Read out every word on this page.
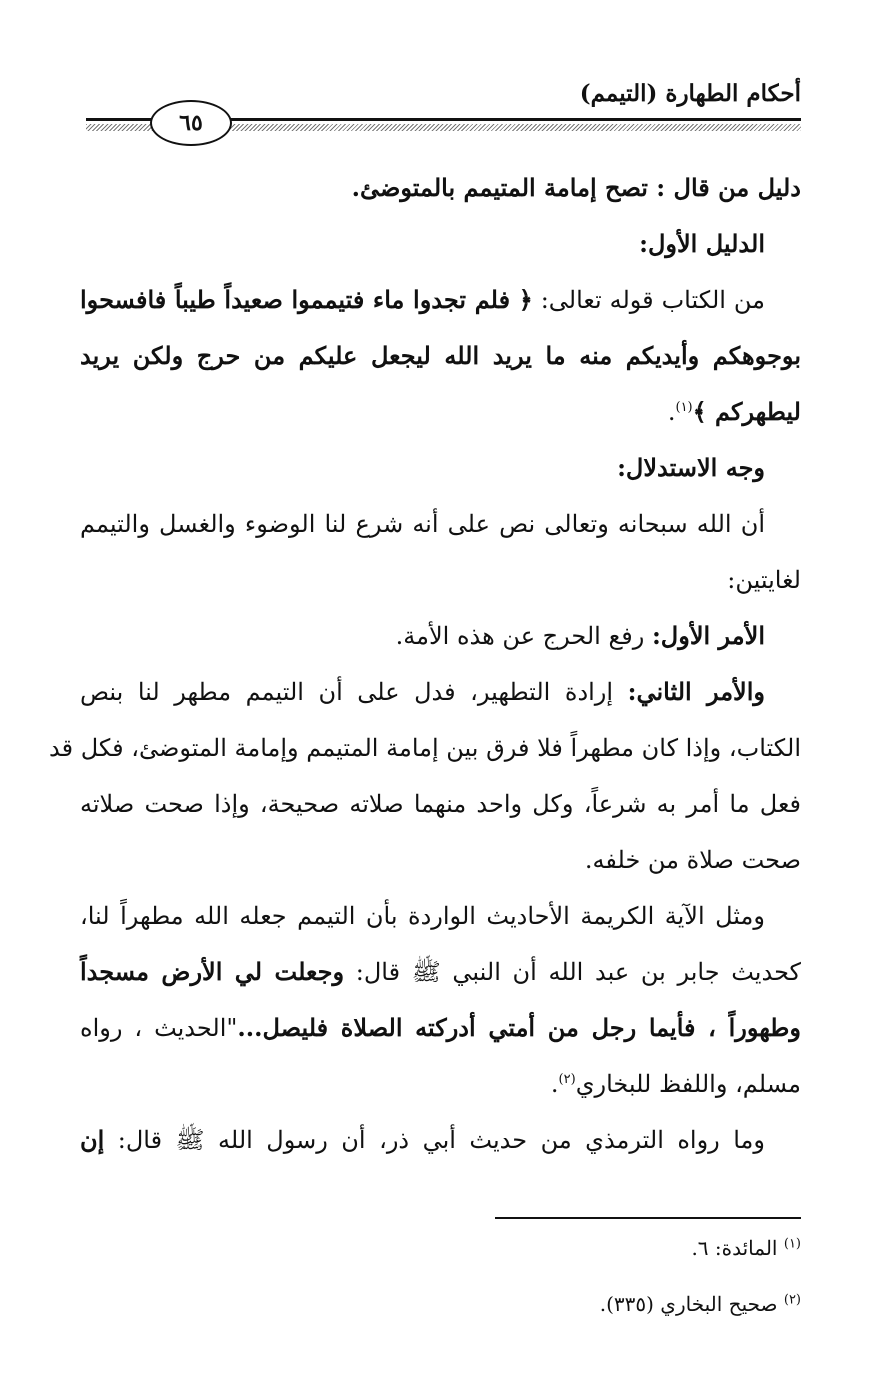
أحكام الطهارة (التيمم)
٦٥
دليل من قال : تصح إمامة المتيمم بالمتوضئ.
الدليل الأول:
من الكتاب قوله تعالى: ﴿ فلم تجدوا ماء فتيمموا صعيداً طيباً فافسحوا
بوجوهكم وأيديكم منه ما يريد الله ليجعل عليكم من حرج ولكن يريد
ليطهركم ﴾$^{(١)}$.
وجه الاستدلال:
أن الله سبحانه وتعالى نص على أنه شرع لنا الوضوء والغسل والتيمم
لغايتين:
الأمر الأول: رفع الحرج عن هذه الأمة.
والأمر الثاني: إرادة التطهير، فدل على أن التيمم مطهر لنا بنص
الكتاب، وإذا كان مطهراً فلا فرق بين إمامة المتيمم وإمامة المتوضئ، فكل قد
فعل ما أمر به شرعاً، وكل واحد منهما صلاته صحيحة، وإذا صحت صلاته
صحت صلاة من خلفه.
ومثل الآية الكريمة الأحاديث الواردة بأن التيمم جعله الله مطهراً لنا،
كحديث جابر بن عبد الله أن النبي ﷺ قال: وجعلت لي الأرض مسجداً
وطهوراً ، فأيما رجل من أمتي أدركته الصلاة فليصل..."الحديث ، رواه
مسلم، واللفظ للبخاري$^{(٢)}$.
وما رواه الترمذي من حديث أبي ذر، أن رسول الله ﷺ قال: إن
$^{(١)}$ المائدة: ٦.
$^{(٢)}$ صحيح البخاري (٣٣٥).
